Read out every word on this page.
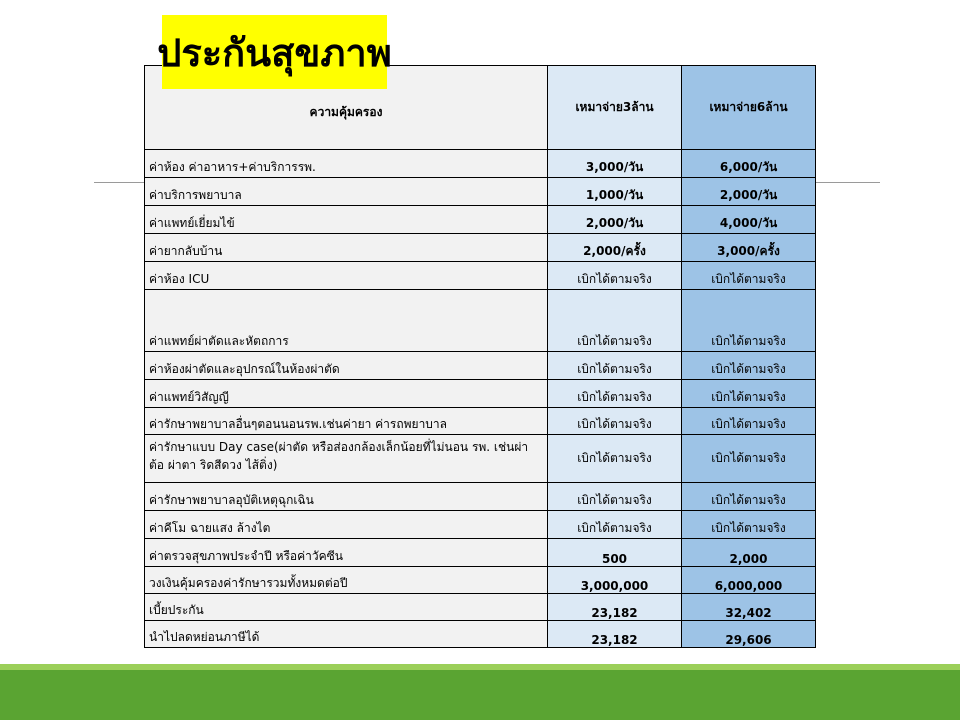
ประกันสุขภาพ
ความคุ้มครอง	เหมาจ่าย3ล้าน	เหมาจ่าย6ล้าน
ค่าห้อง ค่าอาหาร+ค่าบริการรพ.	3,000/วัน	6,000/วัน
ค่าบริการพยาบาล	1,000/วัน	2,000/วัน
ค่าแพทย์เยี่ยมไข้	2,000/วัน	4,000/วัน
ค่ายากลับบ้าน	2,000/ครั้ง	3,000/ครั้ง
ค่าห้อง ICU	เบิกได้ตามจริง	เบิกได้ตามจริง
ค่าแพทย์ผ่าตัดและหัตถการ	เบิกได้ตามจริง	เบิกได้ตามจริง
ค่าห้องผ่าตัดและอุปกรณ์ในห้องผ่าตัด	เบิกได้ตามจริง	เบิกได้ตามจริง
ค่าแพทย์วิสัญญี	เบิกได้ตามจริง	เบิกได้ตามจริง
ค่ารักษาพยาบาลอื่นๆตอนนอนรพ.เช่นค่ายา ค่ารถพยาบาล	เบิกได้ตามจริง	เบิกได้ตามจริง
ค่ารักษาแบบ Day case(ผ่าตัด หรือส่องกล้องเล็กน้อยที่ไม่นอน รพ. เช่นผ่าต้อ ผ่าตา ริดสีดวง ไส้ติ่ง)	เบิกได้ตามจริง	เบิกได้ตามจริง
ค่ารักษาพยาบาลอุบัติเหตุฉุกเฉิน	เบิกได้ตามจริง	เบิกได้ตามจริง
ค่าคีโม ฉายแสง ล้างไต	เบิกได้ตามจริง	เบิกได้ตามจริง
ค่าตรวจสุขภาพประจำปี หรือค่าวัคซีน	500	2,000
วงเงินคุ้มครองค่ารักษารวมทั้งหมดต่อปี	3,000,000	6,000,000
เบี้ยประกัน	23,182	32,402
นำไปลดหย่อนภาษีได้	23,182	29,606
